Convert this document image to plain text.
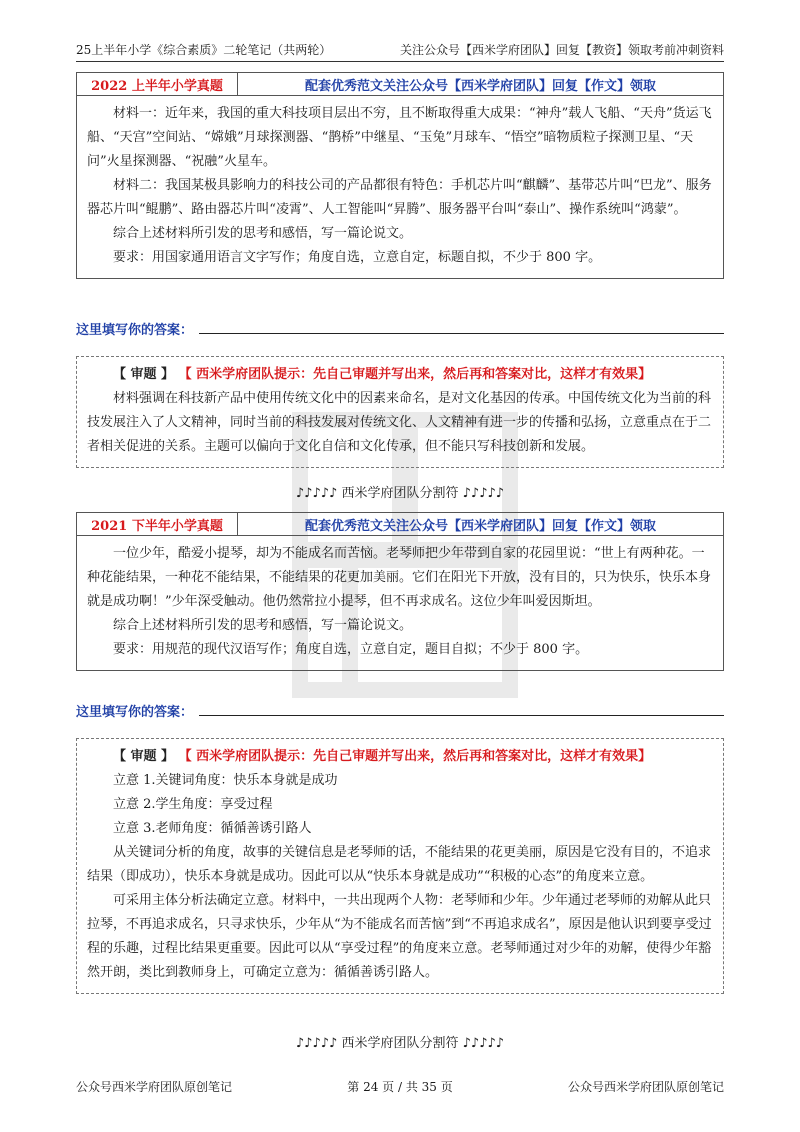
25上半年小学《综合素质》二轮笔记（共两轮）	关注公众号【西米学府团队】回复【教资】领取考前冲刺资料
2022 上半年小学真题	配套优秀范文关注公众号【西米学府团队】回复【作文】领取

材料一：近年来，我国的重大科技项目层出不穷，且不断取得重大成果：“神舟”载人飞船、“天舟”货运飞船、“天宫”空间站、“嫦娥”月球探测器、“鹊桥”中继星、“玉兔”月球车、“悟空”暗物质粒子探测卫星、“天问”火星探测器、“祝融”火星车。

材料二：我国某极具影响力的科技公司的产品都很有特色：手机芯片叫“麒麟”、基带芯片叫“巴龙”、服务器芯片叫“鲲鹏”、路由器芯片叫“凌霄”、人工智能叫“昇腾”、服务器平台叫“泰山”、操作系统叫“鸿蒙”。

综合上述材料所引发的思考和感悟，写一篇论说文。

要求：用国家通用语言文字写作；角度自选，立意自定，标题自拟，不少于 800 字。

这里填写你的答案：
【 审题 】 【 西米学府团队提示：先自己审题并写出来，然后再和答案对比，这样才有效果】

材料强调在科技新产品中使用传统文化中的因素来命名，是对文化基因的传承。中国传统文化为当前的科技发展注入了人文精神，同时当前的科技发展对传统文化、人文精神有进一步的传播和弘扬，立意重点在于二者相关促进的关系。主题可以偏向于文化自信和文化传承，但不能只写科技创新和发展。

♪♪♪♪♪ 西米学府团队分割符 ♪♪♪♪♪
2021 下半年小学真题	配套优秀范文关注公众号【西米学府团队】回复【作文】领取

一位少年，酷爱小提琴，却为不能成名而苦恼。老琴师把少年带到自家的花园里说：“世上有两种花。一种花能结果，一种花不能结果，不能结果的花更加美丽。它们在阳光下开放，没有目的，只为快乐，快乐本身就是成功啊！”少年深受触动。他仍然常拉小提琴，但不再求成名。这位少年叫爱因斯坦。

综合上述材料所引发的思考和感悟，写一篇论说文。

要求：用规范的现代汉语写作；角度自选，立意自定，题目自拟；不少于 800 字。

这里填写你的答案：
【 审题 】 【 西米学府团队提示：先自己审题并写出来，然后再和答案对比，这样才有效果】

立意 1.关键词角度：快乐本身就是成功

立意 2.学生角度：享受过程

立意 3.老师角度：循循善诱引路人

从关键词分析的角度，故事的关键信息是老琴师的话，不能结果的花更美丽，原因是它没有目的，不追求结果（即成功），快乐本身就是成功。因此可以从“快乐本身就是成功”“积极的心态”的角度来立意。

可采用主体分析法确定立意。材料中，一共出现两个人物：老琴师和少年。少年通过老琴师的劝解从此只拉琴，不再追求成名，只寻求快乐，少年从“为不能成名而苦恼”到“不再追求成名”，原因是他认识到要享受过程的乐趣，过程比结果更重要。因此可以从“享受过程”的角度来立意。老琴师通过对少年的劝解，使得少年豁然开朗，类比到教师身上，可确定立意为：循循善诱引路人。

♪♪♪♪♪ 西米学府团队分割符 ♪♪♪♪♪
公众号西米学府团队原创笔记	第 24 页 / 共 35 页	公众号西米学府团队原创笔记
